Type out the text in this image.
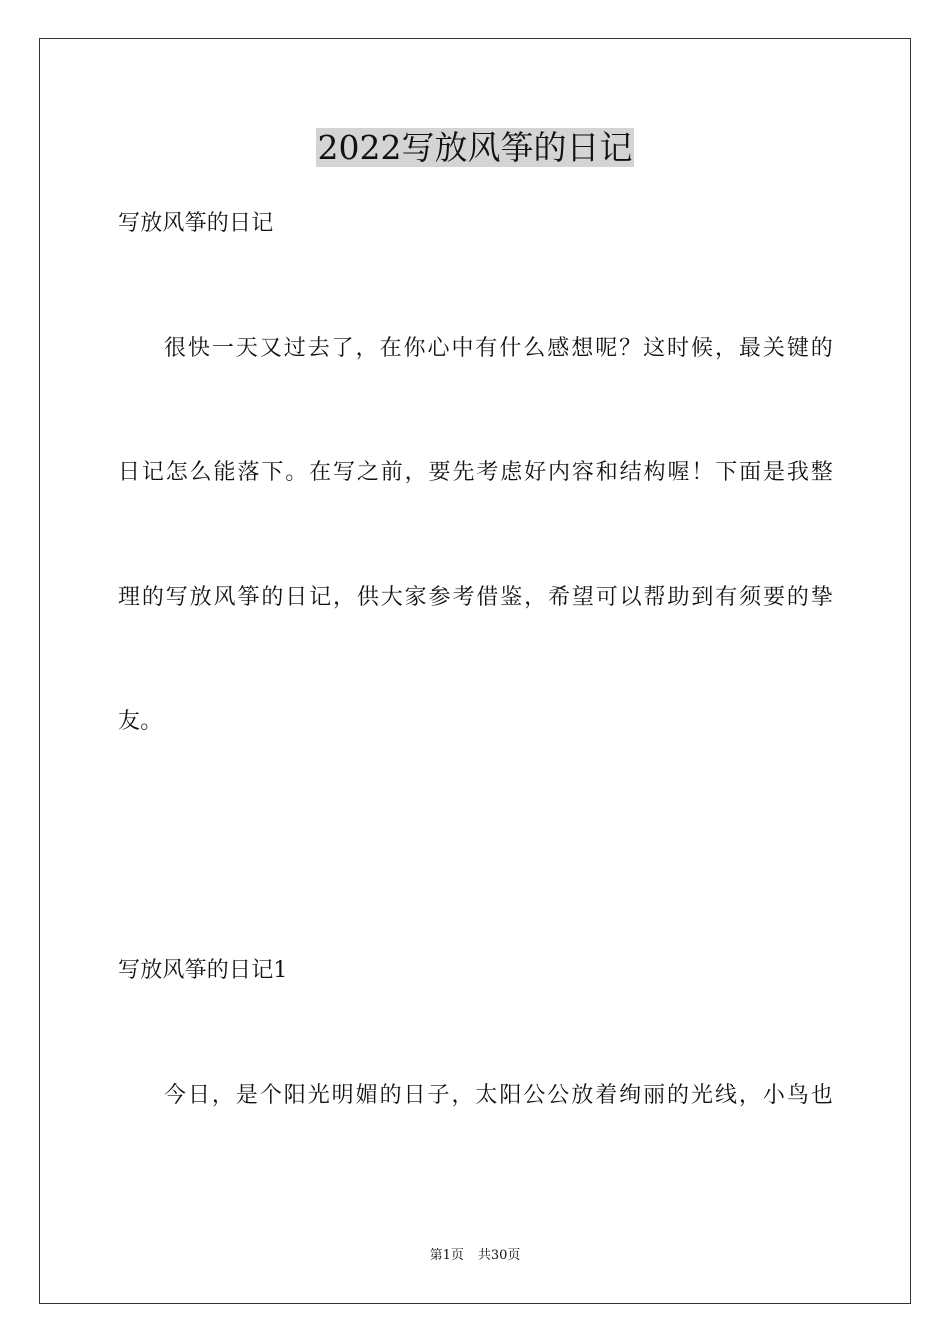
2022写放风筝的日记
写放风筝的日记
很快一天又过去了，在你心中有什么感想呢？这时候，最关键的
日记怎么能落下。在写之前，要先考虑好内容和结构喔！下面是我整
理的写放风筝的日记，供大家参考借鉴，希望可以帮助到有须要的挚
友。
写放风筝的日记1
今日，是个阳光明媚的日子，太阳公公放着绚丽的光线，小鸟也
第1页 共30页
